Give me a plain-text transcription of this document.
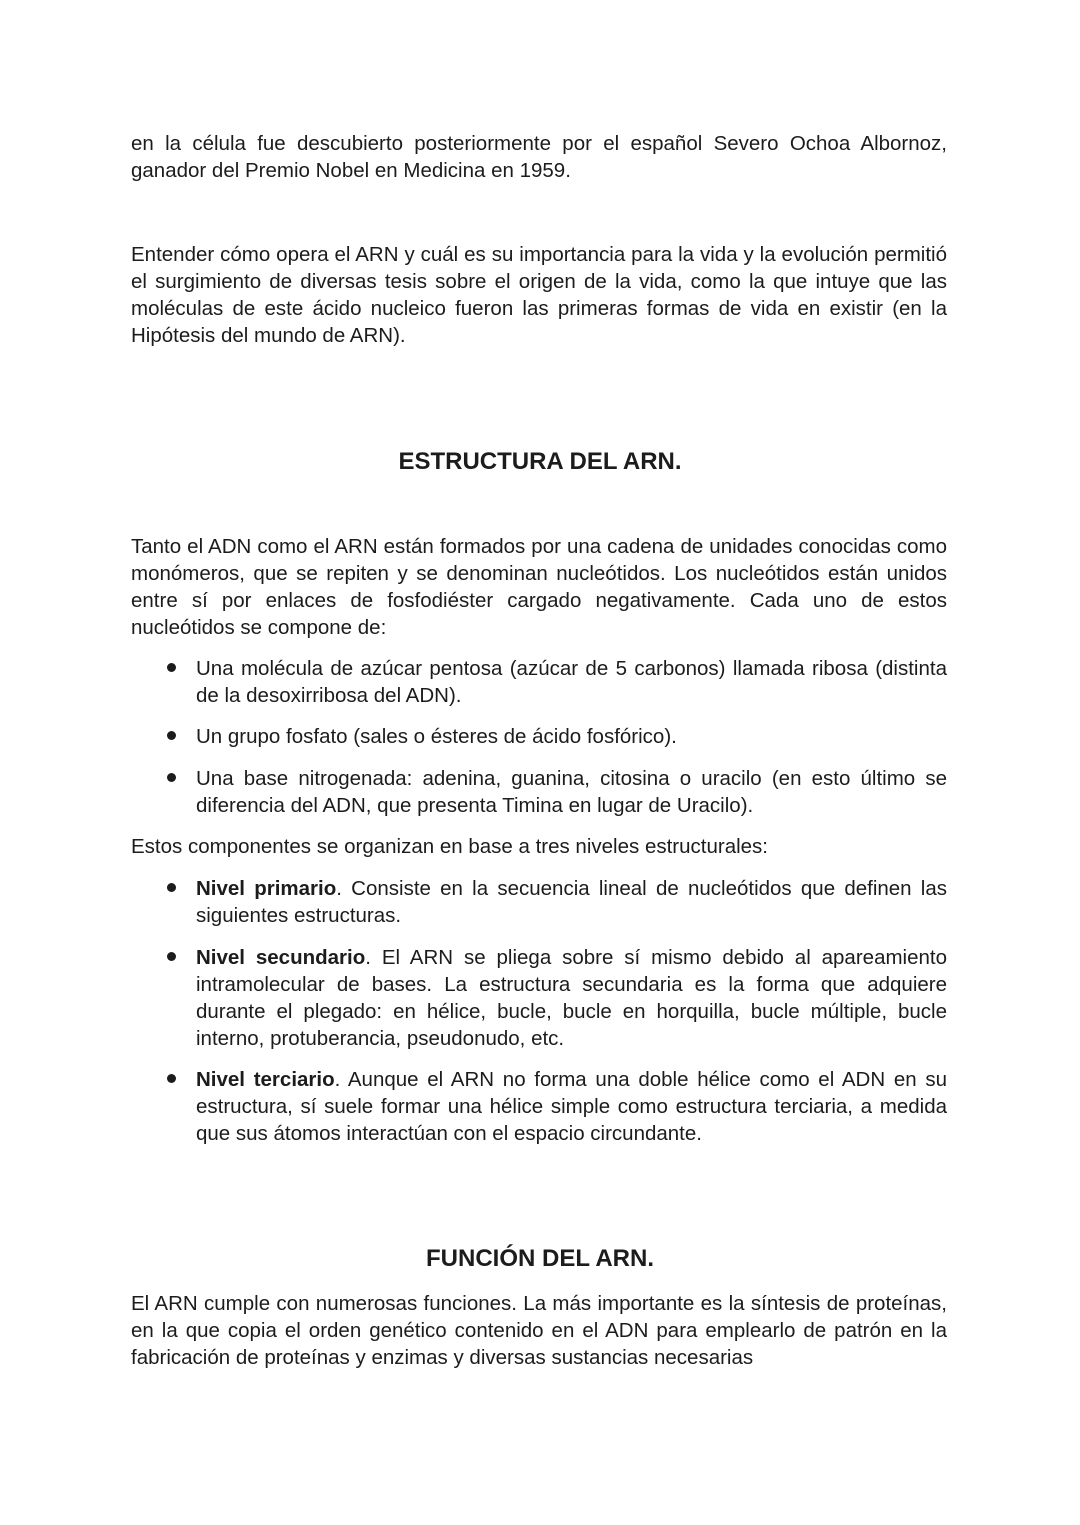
en la célula fue descubierto posteriormente por el español Severo Ochoa Albornoz, ganador del Premio Nobel en Medicina en 1959.

Entender cómo opera el ARN y cuál es su importancia para la vida y la evolución permitió el surgimiento de diversas tesis sobre el origen de la vida, como la que intuye que las moléculas de este ácido nucleico fueron las primeras formas de vida en existir (en la Hipótesis del mundo de ARN).

ESTRUCTURA DEL ARN.

Tanto el ADN como el ARN están formados por una cadena de unidades conocidas como monómeros, que se repiten y se denominan nucleótidos. Los nucleótidos están unidos entre sí por enlaces de fosfodiéster cargado negativamente. Cada uno de estos nucleótidos se compone de:

Una molécula de azúcar pentosa (azúcar de 5 carbonos) llamada ribosa (distinta de la desoxirribosa del ADN).

Un grupo fosfato (sales o ésteres de ácido fosfórico).

Una base nitrogenada: adenina, guanina, citosina o uracilo (en esto último se diferencia del ADN, que presenta Timina en lugar de Uracilo).

Estos componentes se organizan en base a tres niveles estructurales:

Nivel primario. Consiste en la secuencia lineal de nucleótidos que definen las siguientes estructuras.

Nivel secundario. El ARN se pliega sobre sí mismo debido al apareamiento intramolecular de bases. La estructura secundaria es la forma que adquiere durante el plegado: en hélice, bucle, bucle en horquilla, bucle múltiple, bucle interno, protuberancia, pseudonudo, etc.

Nivel terciario. Aunque el ARN no forma una doble hélice como el ADN en su estructura, sí suele formar una hélice simple como estructura terciaria, a medida que sus átomos interactúan con el espacio circundante.

FUNCIÓN DEL ARN.

El ARN cumple con numerosas funciones. La más importante es la síntesis de proteínas, en la que copia el orden genético contenido en el ADN para emplearlo de patrón en la fabricación de proteínas y enzimas y diversas sustancias necesarias
